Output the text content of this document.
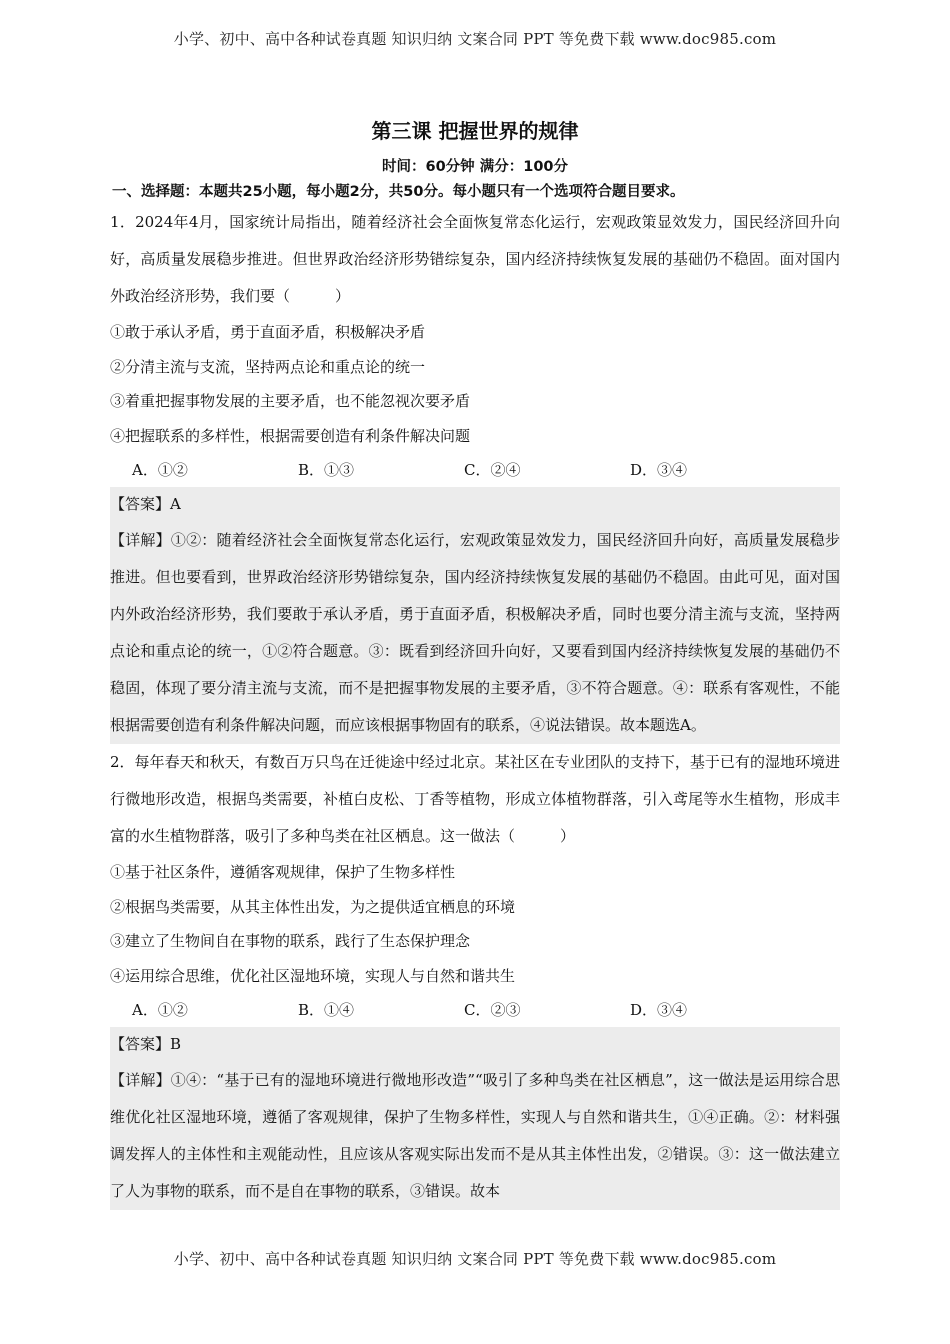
小学、初中、高中各种试卷真题 知识归纳 文案合同 PPT 等免费下载 www.doc985.com
第三课 把握世界的规律
时间：60分钟 满分：100分
一、选择题：本题共25小题，每小题2分，共50分。每小题只有一个选项符合题目要求。

1．2024年4月，国家统计局指出，随着经济社会全面恢复常态化运行，宏观政策显效发力，国民经济回升向好，高质量发展稳步推进。但世界政治经济形势错综复杂，国内经济持续恢复发展的基础仍不稳固。面对国内外政治经济形势，我们要（　　　）

①敢于承认矛盾，勇于直面矛盾，积极解决矛盾
②分清主流与支流，坚持两点论和重点论的统一
③着重把握事物发展的主要矛盾，也不能忽视次要矛盾
④把握联系的多样性，根据需要创造有利条件解决问题
A．①②	B．①③	C．②④	D．③④
【答案】A
【详解】①②：随着经济社会全面恢复常态化运行，宏观政策显效发力，国民经济回升向好，高质量发展稳步推进。但也要看到，世界政治经济形势错综复杂，国内经济持续恢复发展的基础仍不稳固。由此可见，面对国内外政治经济形势，我们要敢于承认矛盾，勇于直面矛盾，积极解决矛盾，同时也要分清主流与支流，坚持两点论和重点论的统一，①②符合题意。③：既看到经济回升向好，又要看到国内经济持续恢复发展的基础仍不稳固，体现了要分清主流与支流，而不是把握事物发展的主要矛盾，③不符合题意。④：联系有客观性，不能根据需要创造有利条件解决问题，而应该根据事物固有的联系，④说法错误。故本题选A。

2．每年春天和秋天，有数百万只鸟在迁徙途中经过北京。某社区在专业团队的支持下，基于已有的湿地环境进行微地形改造，根据鸟类需要，补植白皮松、丁香等植物，形成立体植物群落，引入鸢尾等水生植物，形成丰富的水生植物群落，吸引了多种鸟类在社区栖息。这一做法（　　　）

①基于社区条件，遵循客观规律，保护了生物多样性
②根据鸟类需要，从其主体性出发，为之提供适宜栖息的环境
③建立了生物间自在事物的联系，践行了生态保护理念
④运用综合思维，优化社区湿地环境，实现人与自然和谐共生
A．①②	B．①④	C．②③	D．③④
【答案】B
【详解】①④：“基于已有的湿地环境进行微地形改造”“吸引了多种鸟类在社区栖息”，这一做法是运用综合思维优化社区湿地环境，遵循了客观规律，保护了生物多样性，实现人与自然和谐共生，①④正确。②：材料强调发挥人的主体性和主观能动性，且应该从客观实际出发而不是从其主体性出发，②错误。③：这一做法建立了人为事物的联系，而不是自在事物的联系，③错误。故本
小学、初中、高中各种试卷真题 知识归纳 文案合同 PPT 等免费下载 www.doc985.com
